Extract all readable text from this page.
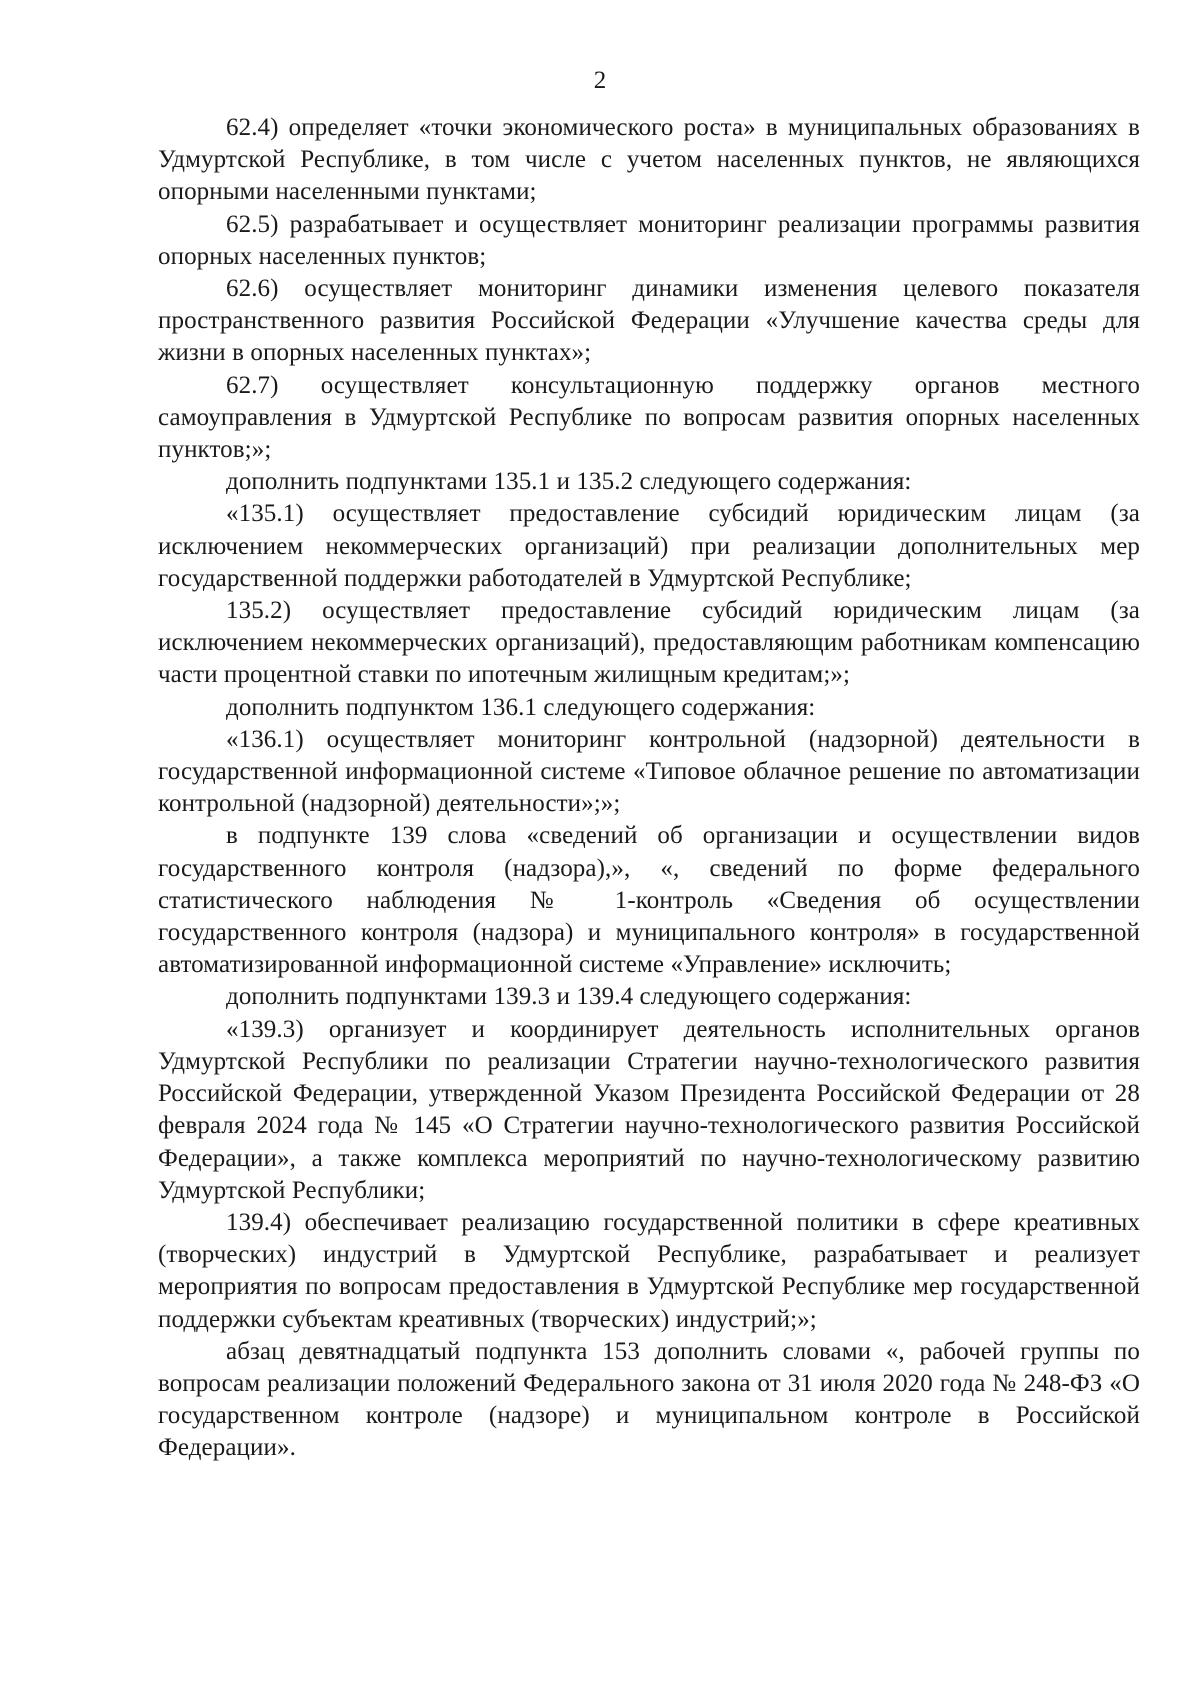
2

62.4) определяет «точки экономического роста» в муниципальных образованиях в Удмуртской Республике, в том числе с учетом населенных пунктов, не являющихся опорными населенными пунктами;

62.5) разрабатывает и осуществляет мониторинг реализации программы развития опорных населенных пунктов;

62.6) осуществляет мониторинг динамики изменения целевого показателя пространственного развития Российской Федерации «Улучшение качества среды для жизни в опорных населенных пунктах»;

62.7) осуществляет консультационную поддержку органов местного самоуправления в Удмуртской Республике по вопросам развития опорных населенных пунктов;»;

дополнить подпунктами 135.1 и 135.2 следующего содержания:

«135.1) осуществляет предоставление субсидий юридическим лицам (за исключением некоммерческих организаций) при реализации дополнительных мер государственной поддержки работодателей в Удмуртской Республике;

135.2) осуществляет предоставление субсидий юридическим лицам (за исключением некоммерческих организаций), предоставляющим работникам компенсацию части процентной ставки по ипотечным жилищным кредитам;»;

дополнить подпунктом 136.1 следующего содержания:

«136.1) осуществляет мониторинг контрольной (надзорной) деятельности в государственной информационной системе «Типовое облачное решение по автоматизации контрольной (надзорной) деятельности»;»;

в подпункте 139 слова «сведений об организации и осуществлении видов государственного контроля (надзора),», «, сведений по форме федерального статистического наблюдения № 1-контроль «Сведения об осуществлении государственного контроля (надзора) и муниципального контроля» в государственной автоматизированной информационной системе «Управление» исключить;

дополнить подпунктами 139.3 и 139.4 следующего содержания:

«139.3) организует и координирует деятельность исполнительных органов Удмуртской Республики по реализации Стратегии научно-технологического развития Российской Федерации, утвержденной Указом Президента Российской Федерации от 28 февраля 2024 года № 145 «О Стратегии научно-технологического развития Российской Федерации», а также комплекса мероприятий по научно-технологическому развитию Удмуртской Республики;

139.4) обеспечивает реализацию государственной политики в сфере креативных (творческих) индустрий в Удмуртской Республике, разрабатывает и реализует мероприятия по вопросам предоставления в Удмуртской Республике мер государственной поддержки субъектам креативных (творческих) индустрий;»;

абзац девятнадцатый подпункта 153 дополнить словами «, рабочей группы по вопросам реализации положений Федерального закона от 31 июля 2020 года № 248-ФЗ «О государственном контроле (надзоре) и муниципальном контроле в Российской Федерации».
